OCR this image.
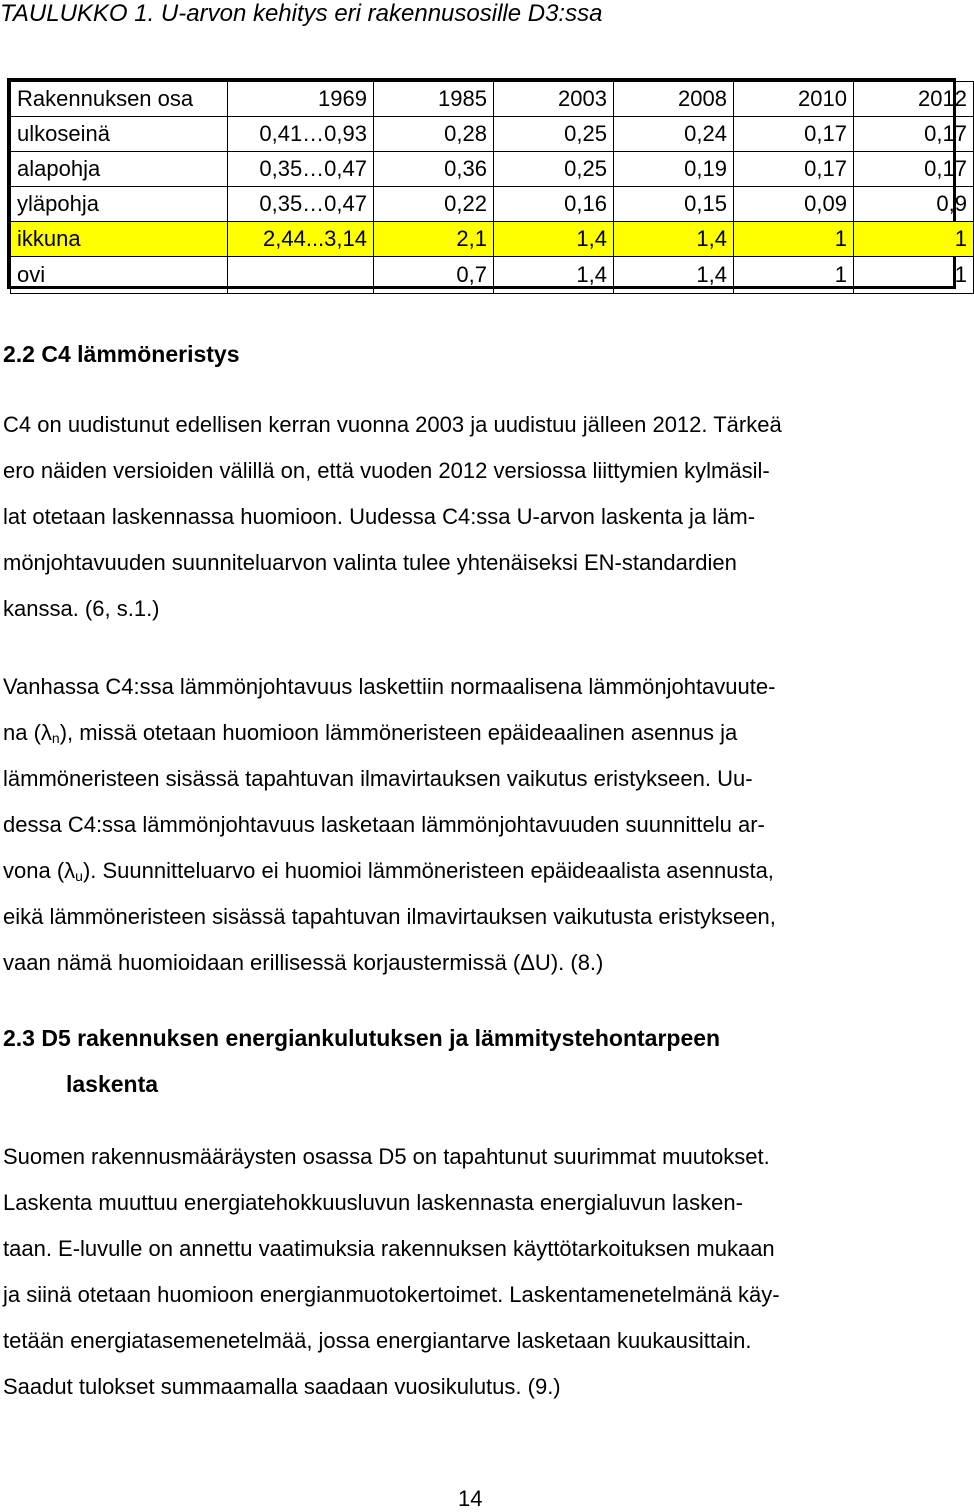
TAULUKKO 1. U-arvon kehitys eri rakennusosille D3:ssa
Rakennuksen osa	1969	1985	2003	2008	2010	2012
ulkoseinä	0,41…0,93	0,28	0,25	0,24	0,17	0,17
alapohja	0,35…0,47	0,36	0,25	0,19	0,17	0,17
yläpohja	0,35…0,47	0,22	0,16	0,15	0,09	0,9
ikkuna	2,44...3,14	2,1	1,4	1,4	1	1
ovi		0,7	1,4	1,4	1	1
2.2 C4 lämmöneristys
C4 on uudistunut edellisen kerran vuonna 2003 ja uudistuu jälleen 2012. Tärkeä
ero näiden versioiden välillä on, että vuoden 2012 versiossa liittymien kylmäsil-
lat otetaan laskennassa huomioon. Uudessa C4:ssa U-arvon laskenta ja läm-
mönjohtavuuden suunniteluarvon valinta tulee yhtenäiseksi EN-standardien
kanssa. (6, s.1.)
Vanhassa C4:ssa lämmönjohtavuus laskettiin normaalisena lämmönjohtavuute-
na $(\lambda_n)$, missä otetaan huomioon lämmöneristeen epäideaalinen asennus ja
lämmöneristeen sisässä tapahtuvan ilmavirtauksen vaikutus eristykseen. Uu-
dessa C4:ssa lämmönjohtavuus lasketaan lämmönjohtavuuden suunnittelu ar-
vona $(\lambda_u)$. Suunnitteluarvo ei huomioi lämmöneristeen epäideaalista asennusta,
eikä lämmöneristeen sisässä tapahtuvan ilmavirtauksen vaikutusta eristykseen,
vaan nämä huomioidaan erillisessä korjaustermissä (ΔU). (8.)
2.3 D5 rakennuksen energiankulutuksen ja lämmitystehontarpeen
laskenta
Suomen rakennusmääräysten osassa D5 on tapahtunut suurimmat muutokset.
Laskenta muuttuu energiatehokkuusluvun laskennasta energialuvun lasken-
taan. E-luvulle on annettu vaatimuksia rakennuksen käyttötarkoituksen mukaan
ja siinä otetaan huomioon energianmuotokertoimet. Laskentamenetelmänä käy-
tetään energiatasemenetelmää, jossa energiantarve lasketaan kuukausittain.
Saadut tulokset summaamalla saadaan vuosikulutus. (9.)
14
